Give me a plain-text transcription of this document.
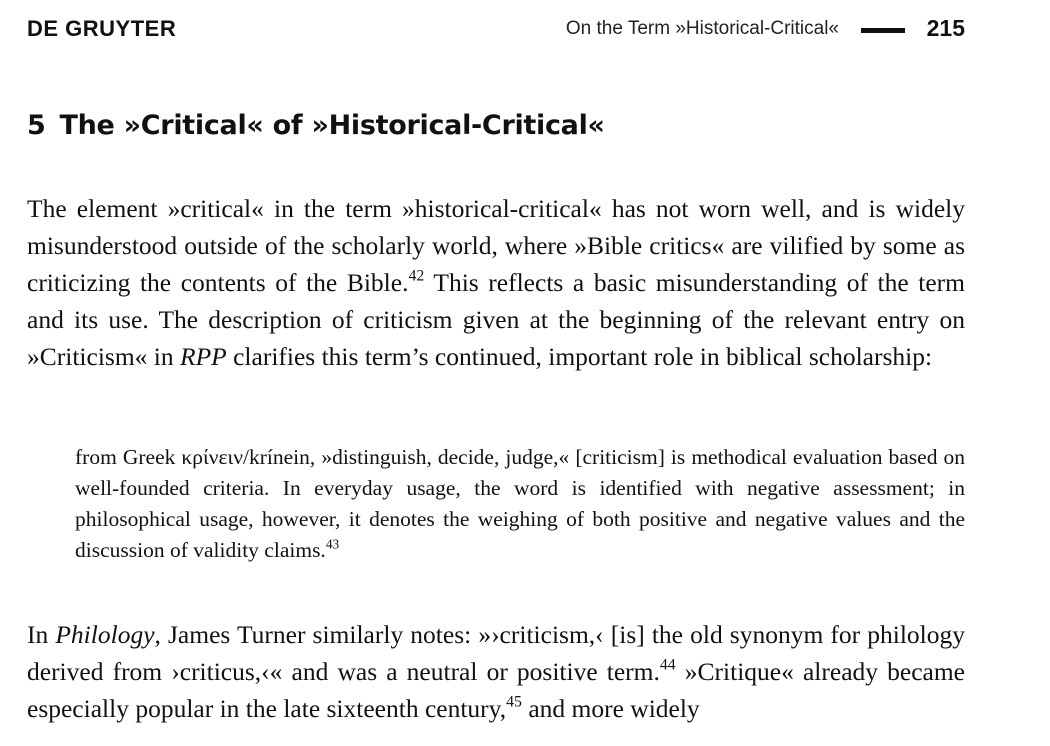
DE GRUYTER	On the Term »Historical-Critical«	215
5 The »Critical« of »Historical-Critical«

The element »critical« in the term »historical-critical« has not worn well, and is widely misunderstood outside of the scholarly world, where »Bible critics« are vilified by some as criticizing the contents of the Bible.$^{42}$ This reflects a basic misunderstanding of the term and its use. The description of criticism given at the beginning of the relevant entry on »Criticism« in RPP clarifies this term’s continued, important role in biblical scholarship:

from Greek κρίνειν/krínein, »distinguish, decide, judge,« [criticism] is methodical evaluation based on well-founded criteria. In everyday usage, the word is identified with negative assessment; in philosophical usage, however, it denotes the weighing of both positive and negative values and the discussion of validity claims.$^{43}$

In Philology, James Turner similarly notes: »›criticism,‹ [is] the old synonym for philology derived from ›criticus,‹« and was a neutral or positive term.$^{44}$ »Critique« already became especially popular in the late sixteenth century,$^{45}$ and more widely
